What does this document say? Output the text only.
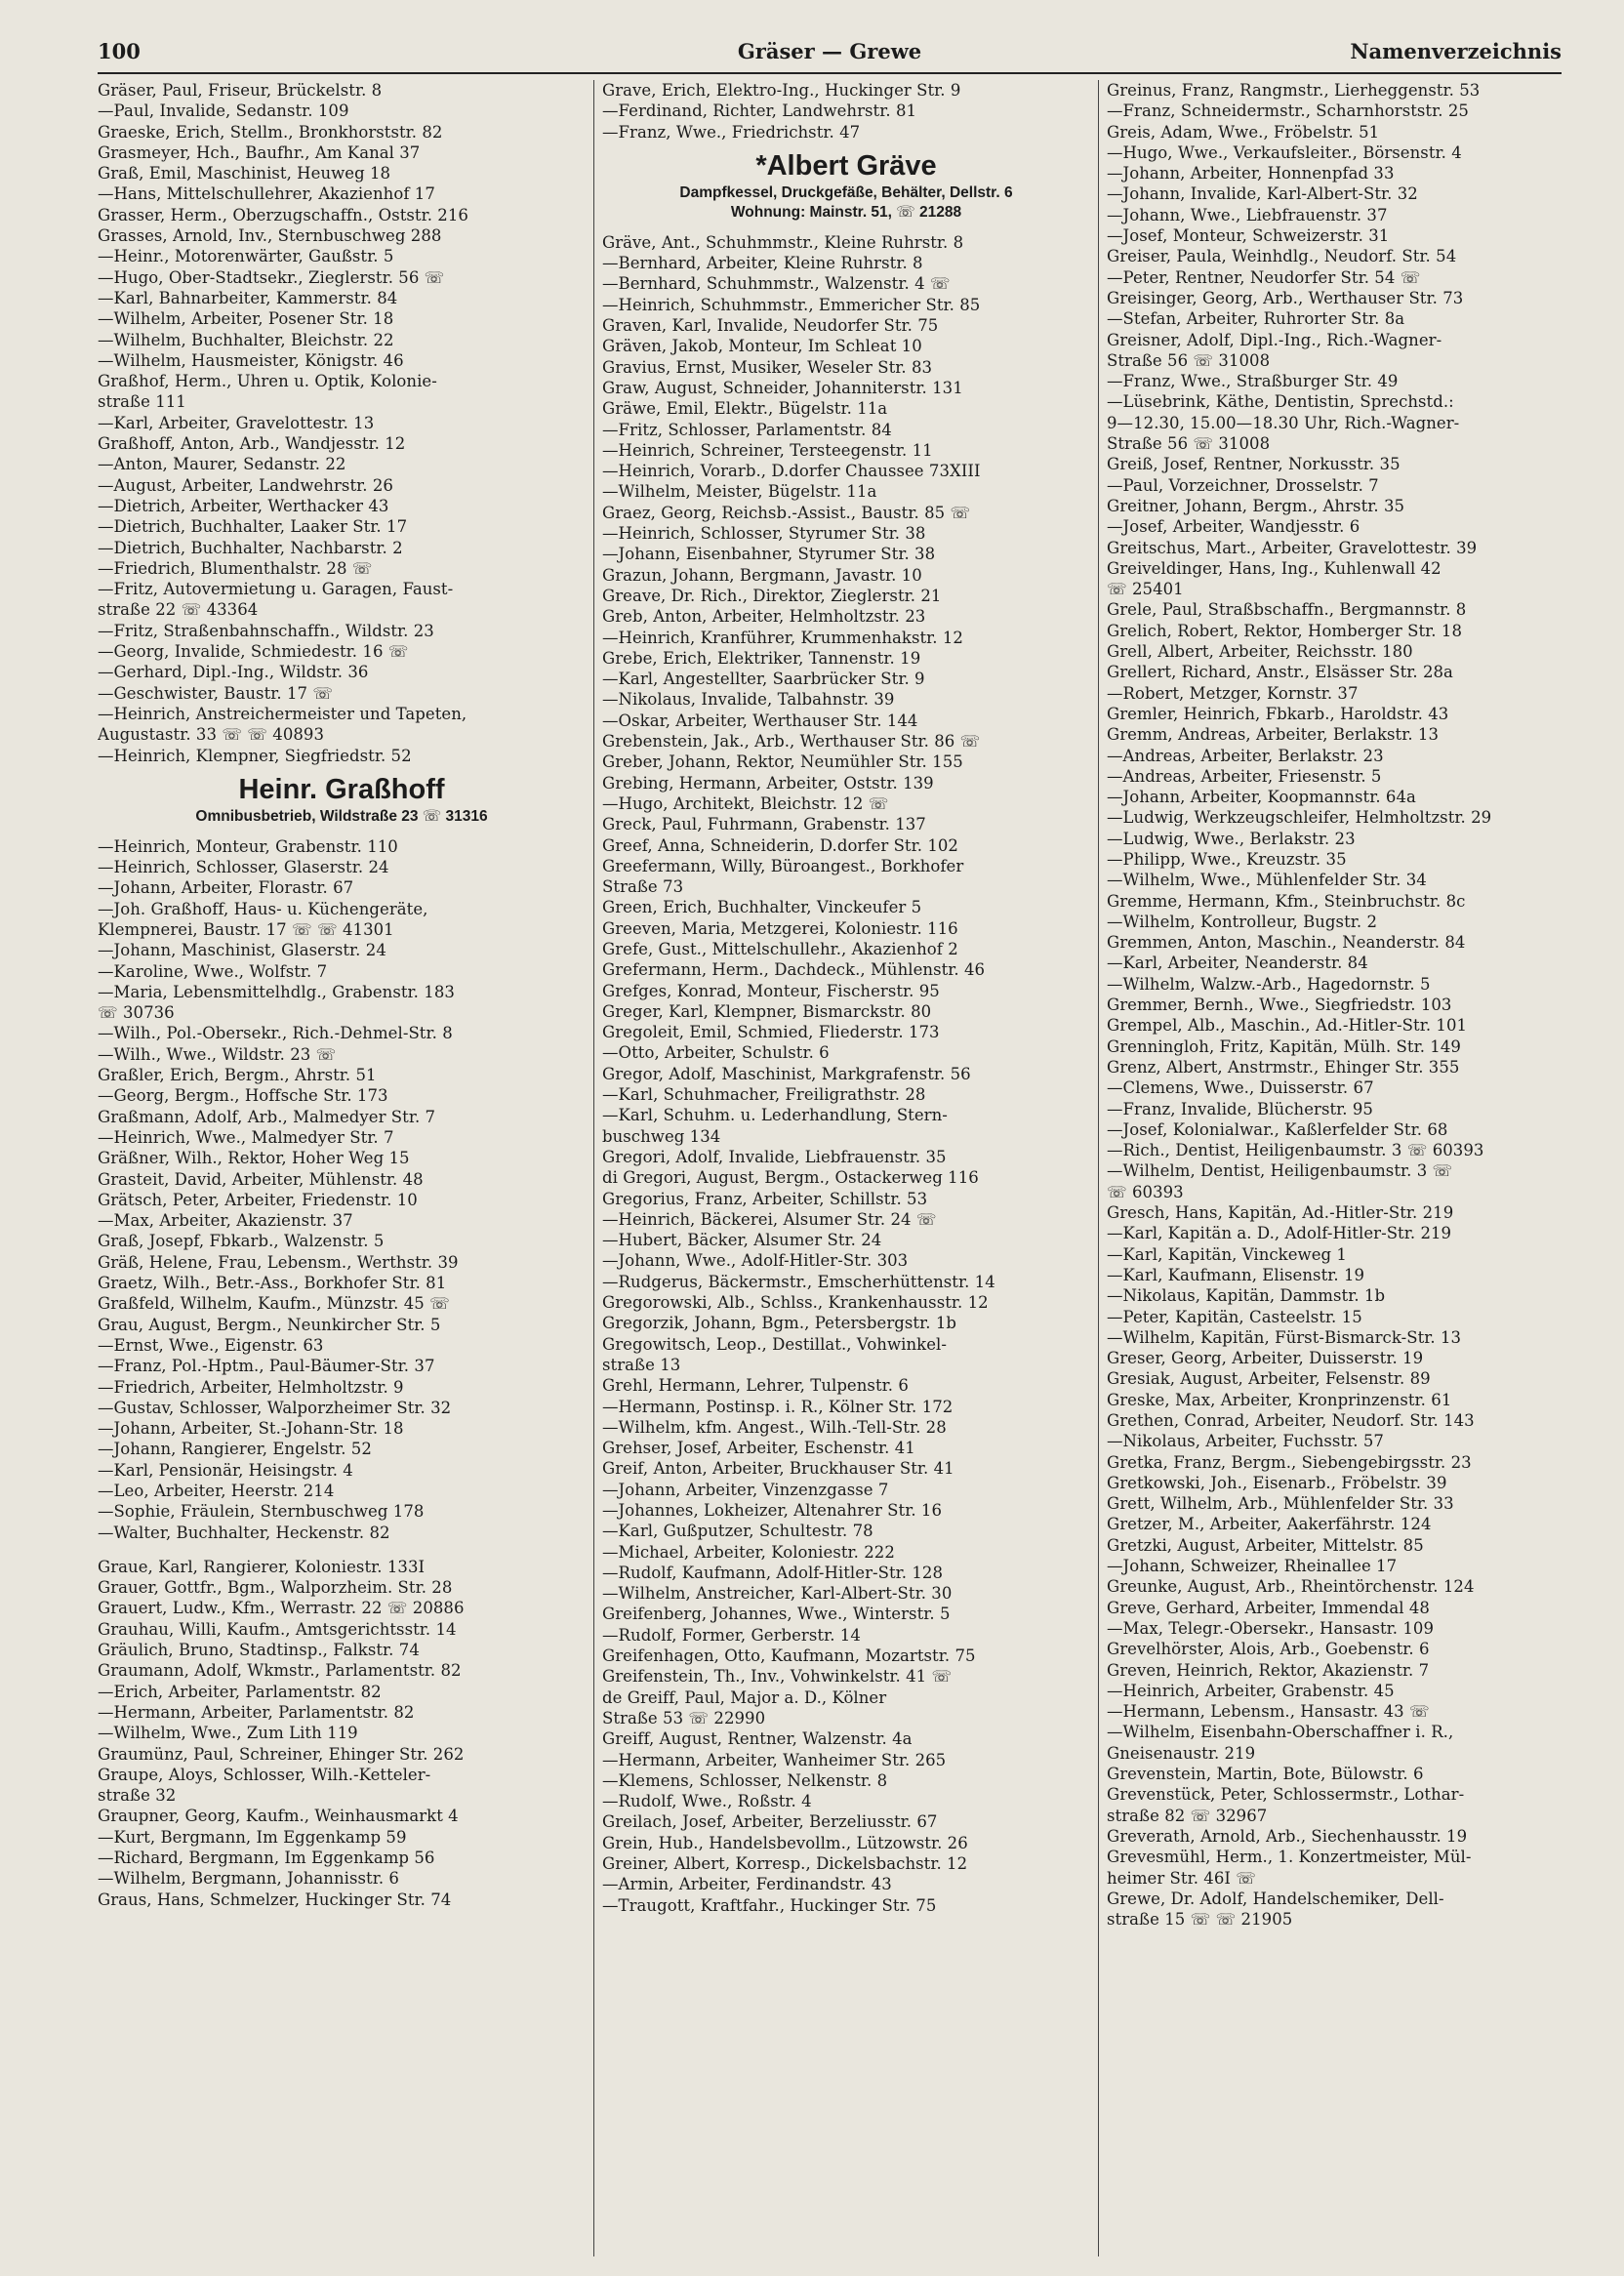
Gräser — Grewe
100	Namenverzeichnis
Gräser, Paul, Friseur, Brückelstr. 8
—Paul, Invalide, Sedanstr. 109
Graeske, Erich, Stellm., Bronkhorststr. 82
Grasmeyer, Hch., Baufhr., Am Kanal 37
Graß, Emil, Maschinist, Heuweg 18
—Hans, Mittelschullehrer, Akazienhof 17
Grasser, Herm., Oberzugschaffn., Oststr. 216
Grasses, Arnold, Inv., Sternbuschweg 288
—Heinr., Motorenwärter, Gaußstr. 5
—Hugo, Ober-Stadtsekr., Zieglerstr. 56 ☏
—Karl, Bahnarbeiter, Kammerstr. 84
—Wilhelm, Arbeiter, Posener Str. 18
—Wilhelm, Buchhalter, Bleichstr. 22
—Wilhelm, Hausmeister, Königstr. 46
Graßhof, Herm., Uhren u. Optik, Kolonie-
straße 111
—Karl, Arbeiter, Gravelottestr. 13
Graßhoff, Anton, Arb., Wandjesstr. 12
—Anton, Maurer, Sedanstr. 22
—August, Arbeiter, Landwehrstr. 26
—Dietrich, Arbeiter, Werthacker 43
—Dietrich, Buchhalter, Laaker Str. 17
—Dietrich, Buchhalter, Nachbarstr. 2
—Friedrich, Blumenthalstr. 28 ☏
—Fritz, Autovermietung u. Garagen, Faust-
straße 22 ☏ 43364
—Fritz, Straßenbahnschaffn., Wildstr. 23
—Georg, Invalide, Schmiedestr. 16 ☏
—Gerhard, Dipl.-Ing., Wildstr. 36
—Geschwister, Baustr. 17 ☏
—Heinrich, Anstreichermeister und Tapeten,
Augustastr. 33 ☏ ☏ 40893
—Heinrich, Klempner, Siegfriedstr. 52
Heinr. Graßhoff
Omnibusbetrieb, Wildstraße 23 ☏ 31316
—Heinrich, Monteur, Grabenstr. 110
—Heinrich, Schlosser, Glaserstr. 24
—Johann, Arbeiter, Florastr. 67
—Joh. Graßhoff, Haus- u. Küchengeräte,
Klempnerei, Baustr. 17 ☏ ☏ 41301
—Johann, Maschinist, Glaserstr. 24
—Karoline, Wwe., Wolfstr. 7
—Maria, Lebensmittelhdlg., Grabenstr. 183
☏ 30736
—Wilh., Pol.-Obersekr., Rich.-Dehmel-Str. 8
—Wilh., Wwe., Wildstr. 23 ☏
Graßler, Erich, Bergm., Ahrstr. 51
—Georg, Bergm., Hoffsche Str. 173
Graßmann, Adolf, Arb., Malmedyer Str. 7
—Heinrich, Wwe., Malmedyer Str. 7
Gräßner, Wilh., Rektor, Hoher Weg 15
Grasteit, David, Arbeiter, Mühlenstr. 48
Grätsch, Peter, Arbeiter, Friedenstr. 10
—Max, Arbeiter, Akazienstr. 37
Graß, Josepf, Fbkarb., Walzenstr. 5
Gräß, Helene, Frau, Lebensm., Werthstr. 39
Graetz, Wilh., Betr.-Ass., Borkhofer Str. 81
Graßfeld, Wilhelm, Kaufm., Münzstr. 45 ☏
Grau, August, Bergm., Neunkircher Str. 5
—Ernst, Wwe., Eigenstr. 63
—Franz, Pol.-Hptm., Paul-Bäumer-Str. 37
—Friedrich, Arbeiter, Helmholtzstr. 9
—Gustav, Schlosser, Walporzheimer Str. 32
—Johann, Arbeiter, St.-Johann-Str. 18
—Johann, Rangierer, Engelstr. 52
—Karl, Pensionär, Heisingstr. 4
—Leo, Arbeiter, Heerstr. 214
—Sophie, Fräulein, Sternbuschweg 178
—Walter, Buchhalter, Heckenstr. 82
Graue, Karl, Rangierer, Koloniestr. 133I
Grauer, Gottfr., Bgm., Walporzheim. Str. 28
Grauert, Ludw., Kfm., Werrastr. 22 ☏ 20886
Grauhau, Willi, Kaufm., Amtsgerichtsstr. 14
Gräulich, Bruno, Stadtinsp., Falkstr. 74
Graumann, Adolf, Wkmstr., Parlamentstr. 82
—Erich, Arbeiter, Parlamentstr. 82
—Hermann, Arbeiter, Parlamentstr. 82
—Wilhelm, Wwe., Zum Lith 119
Graumünz, Paul, Schreiner, Ehinger Str. 262
Graupe, Aloys, Schlosser, Wilh.-Ketteler-
straße 32
Graupner, Georg, Kaufm., Weinhausmarkt 4
—Kurt, Bergmann, Im Eggenkamp 59
—Richard, Bergmann, Im Eggenkamp 56
—Wilhelm, Bergmann, Johannisstr. 6
Graus, Hans, Schmelzer, Huckinger Str. 74
Grave, Erich, Elektro-Ing., Huckinger Str. 9
—Ferdinand, Richter, Landwehrstr. 81
—Franz, Wwe., Friedrichstr. 47
*Albert Gräve
Dampfkessel, Druckgefäße, Behälter, Dellstr. 6
Wohnung: Mainstr. 51, ☏ 21288
Gräve, Ant., Schuhmmstr., Kleine Ruhrstr. 8
—Bernhard, Arbeiter, Kleine Ruhrstr. 8
—Bernhard, Schuhmmstr., Walzenstr. 4 ☏
—Heinrich, Schuhmmstr., Emmericher Str. 85
Graven, Karl, Invalide, Neudorfer Str. 75
Gräven, Jakob, Monteur, Im Schleat 10
Gravius, Ernst, Musiker, Weseler Str. 83
Graw, August, Schneider, Johanniterstr. 131
Gräwe, Emil, Elektr., Bügelstr. 11a
—Fritz, Schlosser, Parlamentstr. 84
—Heinrich, Schreiner, Tersteegenstr. 11
—Heinrich, Vorarb., D.dorfer Chaussee 73XIII
—Wilhelm, Meister, Bügelstr. 11a
Graez, Georg, Reichsb.-Assist., Baustr. 85 ☏
—Heinrich, Schlosser, Styrumer Str. 38
—Johann, Eisenbahner, Styrumer Str. 38
Grazun, Johann, Bergmann, Javastr. 10
Greave, Dr. Rich., Direktor, Zieglerstr. 21
Greb, Anton, Arbeiter, Helmholtzstr. 23
—Heinrich, Kranführer, Krummenhakstr. 12
Grebe, Erich, Elektriker, Tannenstr. 19
—Karl, Angestellter, Saarbrücker Str. 9
—Nikolaus, Invalide, Talbahnstr. 39
—Oskar, Arbeiter, Werthauser Str. 144
Grebenstein, Jak., Arb., Werthauser Str. 86 ☏
Greber, Johann, Rektor, Neumühler Str. 155
Grebing, Hermann, Arbeiter, Oststr. 139
—Hugo, Architekt, Bleichstr. 12 ☏
Greck, Paul, Fuhrmann, Grabenstr. 137
Greef, Anna, Schneiderin, D.dorfer Str. 102
Greefermann, Willy, Büroangest., Borkhofer
Straße 73
Green, Erich, Buchhalter, Vinckeufer 5
Greeven, Maria, Metzgerei, Koloniestr. 116
Grefe, Gust., Mittelschullehr., Akazienhof 2
Grefermann, Herm., Dachdeck., Mühlenstr. 46
Grefges, Konrad, Monteur, Fischerstr. 95
Greger, Karl, Klempner, Bismarckstr. 80
Gregoleit, Emil, Schmied, Fliederstr. 173
—Otto, Arbeiter, Schulstr. 6
Gregor, Adolf, Maschinist, Markgrafenstr. 56
—Karl, Schuhmacher, Freiligrathstr. 28
—Karl, Schuhm. u. Lederhandlung, Stern-
buschweg 134
Gregori, Adolf, Invalide, Liebfrauenstr. 35
di Gregori, August, Bergm., Ostackerweg 116
Gregorius, Franz, Arbeiter, Schillstr. 53
—Heinrich, Bäckerei, Alsumer Str. 24 ☏
—Hubert, Bäcker, Alsumer Str. 24
—Johann, Wwe., Adolf-Hitler-Str. 303
—Rudgerus, Bäckermstr., Emscherhüttenstr. 14
Gregorowski, Alb., Schlss., Krankenhausstr. 12
Gregorzik, Johann, Bgm., Petersbergstr. 1b
Gregowitsch, Leop., Destillat., Vohwinkel-
straße 13
Grehl, Hermann, Lehrer, Tulpenstr. 6
—Hermann, Postinsp. i. R., Kölner Str. 172
—Wilhelm, kfm. Angest., Wilh.-Tell-Str. 28
Grehser, Josef, Arbeiter, Eschenstr. 41
Greif, Anton, Arbeiter, Bruckhauser Str. 41
—Johann, Arbeiter, Vinzenzgasse 7
—Johannes, Lokheizer, Altenahrer Str. 16
—Karl, Gußputzer, Schultestr. 78
—Michael, Arbeiter, Koloniestr. 222
—Rudolf, Kaufmann, Adolf-Hitler-Str. 128
—Wilhelm, Anstreicher, Karl-Albert-Str. 30
Greifenberg, Johannes, Wwe., Winterstr. 5
—Rudolf, Former, Gerberstr. 14
Greifenhagen, Otto, Kaufmann, Mozartstr. 75
Greifenstein, Th., Inv., Vohwinkelstr. 41 ☏
de Greiff, Paul, Major a. D., Kölner
Straße 53 ☏ 22990
Greiff, August, Rentner, Walzenstr. 4a
—Hermann, Arbeiter, Wanheimer Str. 265
—Klemens, Schlosser, Nelkenstr. 8
—Rudolf, Wwe., Roßstr. 4
Greilach, Josef, Arbeiter, Berzeliusstr. 67
Grein, Hub., Handelsbevollm., Lützowstr. 26
Greiner, Albert, Korresp., Dickelsbachstr. 12
—Armin, Arbeiter, Ferdinandstr. 43
—Traugott, Kraftfahr., Huckinger Str. 75
Greinus, Franz, Rangmstr., Lierheggenstr. 53
—Franz, Schneidermstr., Scharnhorststr. 25
Greis, Adam, Wwe., Fröbelstr. 51
—Hugo, Wwe., Verkaufsleiter., Börsenstr. 4
—Johann, Arbeiter, Honnenpfad 33
—Johann, Invalide, Karl-Albert-Str. 32
—Johann, Wwe., Liebfrauenstr. 37
—Josef, Monteur, Schweizerstr. 31
Greiser, Paula, Weinhdlg., Neudorf. Str. 54
—Peter, Rentner, Neudorfer Str. 54 ☏
Greisinger, Georg, Arb., Werthauser Str. 73
—Stefan, Arbeiter, Ruhrorter Str. 8a
Greisner, Adolf, Dipl.-Ing., Rich.-Wagner-
Straße 56 ☏ 31008
—Franz, Wwe., Straßburger Str. 49
—Lüsebrink, Käthe, Dentistin, Sprechstd.:
9—12.30, 15.00—18.30 Uhr, Rich.-Wagner-
Straße 56 ☏ 31008
Greiß, Josef, Rentner, Norkusstr. 35
—Paul, Vorzeichner, Drosselstr. 7
Greitner, Johann, Bergm., Ahrstr. 35
—Josef, Arbeiter, Wandjesstr. 6
Greitschus, Mart., Arbeiter, Gravelottestr. 39
Greiveldinger, Hans, Ing., Kuhlenwall 42
☏ 25401
Grele, Paul, Straßbschaffn., Bergmannstr. 8
Grelich, Robert, Rektor, Homberger Str. 18
Grell, Albert, Arbeiter, Reichsstr. 180
Grellert, Richard, Anstr., Elsässer Str. 28a
—Robert, Metzger, Kornstr. 37
Gremler, Heinrich, Fbkarb., Haroldstr. 43
Gremm, Andreas, Arbeiter, Berlakstr. 13
—Andreas, Arbeiter, Berlakstr. 23
—Andreas, Arbeiter, Friesenstr. 5
—Johann, Arbeiter, Koopmannstr. 64a
—Ludwig, Werkzeugschleifer, Helmholtzstr. 29
—Ludwig, Wwe., Berlakstr. 23
—Philipp, Wwe., Kreuzstr. 35
—Wilhelm, Wwe., Mühlenfelder Str. 34
Gremme, Hermann, Kfm., Steinbruchstr. 8c
—Wilhelm, Kontrolleur, Bugstr. 2
Gremmen, Anton, Maschin., Neanderstr. 84
—Karl, Arbeiter, Neanderstr. 84
—Wilhelm, Walzw.-Arb., Hagedornstr. 5
Gremmer, Bernh., Wwe., Siegfriedstr. 103
Grempel, Alb., Maschin., Ad.-Hitler-Str. 101
Grenningloh, Fritz, Kapitän, Mülh. Str. 149
Grenz, Albert, Anstrmstr., Ehinger Str. 355
—Clemens, Wwe., Duisserstr. 67
—Franz, Invalide, Blücherstr. 95
—Josef, Kolonialwar., Kaßlerfelder Str. 68
—Rich., Dentist, Heiligenbaumstr. 3 ☏ 60393
—Wilhelm, Dentist, Heiligenbaumstr. 3 ☏
☏ 60393
Gresch, Hans, Kapitän, Ad.-Hitler-Str. 219
—Karl, Kapitän a. D., Adolf-Hitler-Str. 219
—Karl, Kapitän, Vinckeweg 1
—Karl, Kaufmann, Elisenstr. 19
—Nikolaus, Kapitän, Dammstr. 1b
—Peter, Kapitän, Casteelstr. 15
—Wilhelm, Kapitän, Fürst-Bismarck-Str. 13
Greser, Georg, Arbeiter, Duisserstr. 19
Gresiak, August, Arbeiter, Felsenstr. 89
Greske, Max, Arbeiter, Kronprinzenstr. 61
Grethen, Conrad, Arbeiter, Neudorf. Str. 143
—Nikolaus, Arbeiter, Fuchsstr. 57
Gretka, Franz, Bergm., Siebengebirgsstr. 23
Gretkowski, Joh., Eisenarb., Fröbelstr. 39
Grett, Wilhelm, Arb., Mühlenfelder Str. 33
Gretzer, M., Arbeiter, Aakerfährstr. 124
Gretzki, August, Arbeiter, Mittelstr. 85
—Johann, Schweizer, Rheinallee 17
Greunke, August, Arb., Rheintörchenstr. 124
Greve, Gerhard, Arbeiter, Immendal 48
—Max, Telegr.-Obersekr., Hansastr. 109
Grevelhörster, Alois, Arb., Goebenstr. 6
Greven, Heinrich, Rektor, Akazienstr. 7
—Heinrich, Arbeiter, Grabenstr. 45
—Hermann, Lebensm., Hansastr. 43 ☏
—Wilhelm, Eisenbahn-Oberschaffner i. R.,
Gneisenaustr. 219
Grevenstein, Martin, Bote, Bülowstr. 6
Grevenstück, Peter, Schlossermstr., Lothar-
straße 82 ☏ 32967
Greverath, Arnold, Arb., Siechenhausstr. 19
Grevesmühl, Herm., 1. Konzertmeister, Mül-
heimer Str. 46I ☏
Grewe, Dr. Adolf, Handelschemiker, Dell-
straße 15 ☏ ☏ 21905
